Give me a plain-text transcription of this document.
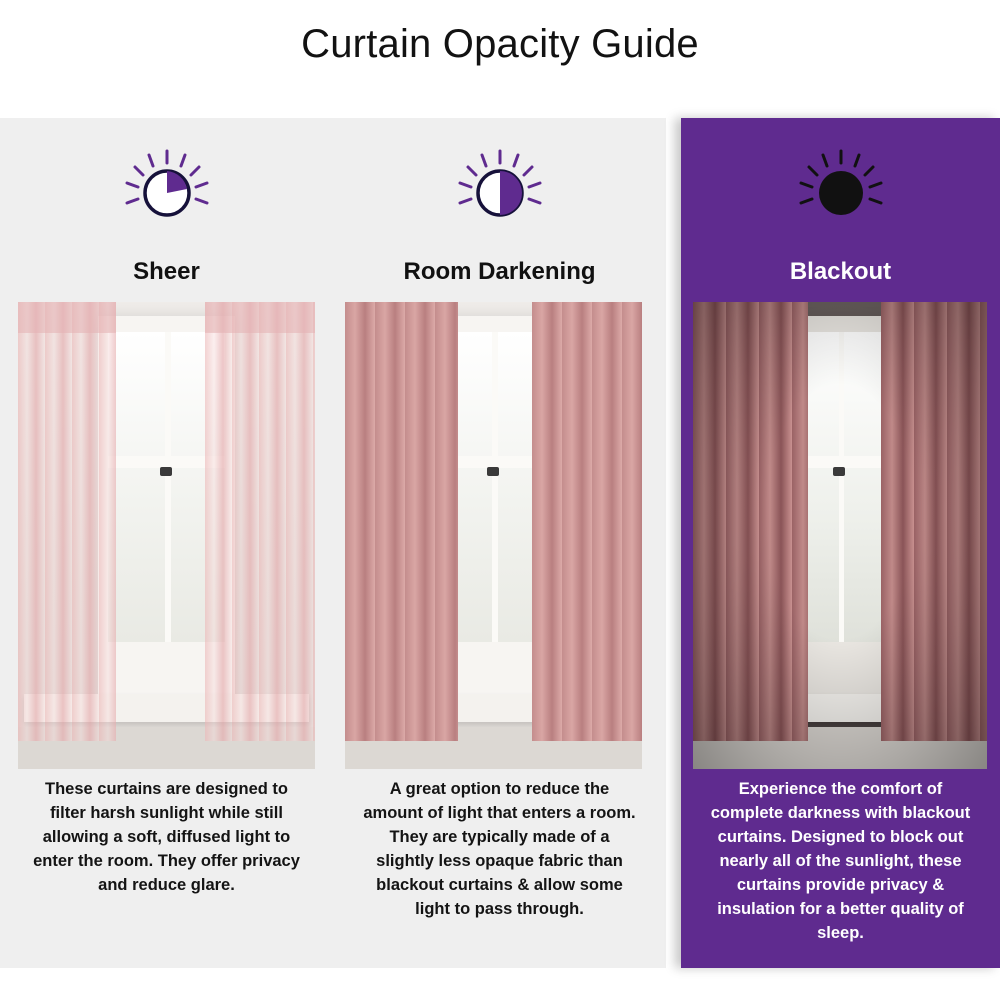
Curtain Opacity Guide
Sheer
These curtains are designed to filter harsh sunlight while still allowing a soft, diffused light to enter the room. They offer privacy and reduce glare.
Room Darkening
A great option to reduce the amount of light that enters a room. They are typically made of a slightly less opaque fabric than blackout curtains & allow some light to pass through.
Blackout
Experience the comfort of complete darkness with blackout curtains. Designed to block out nearly all of the sunlight, these curtains provide privacy & insulation for a better quality of sleep.
